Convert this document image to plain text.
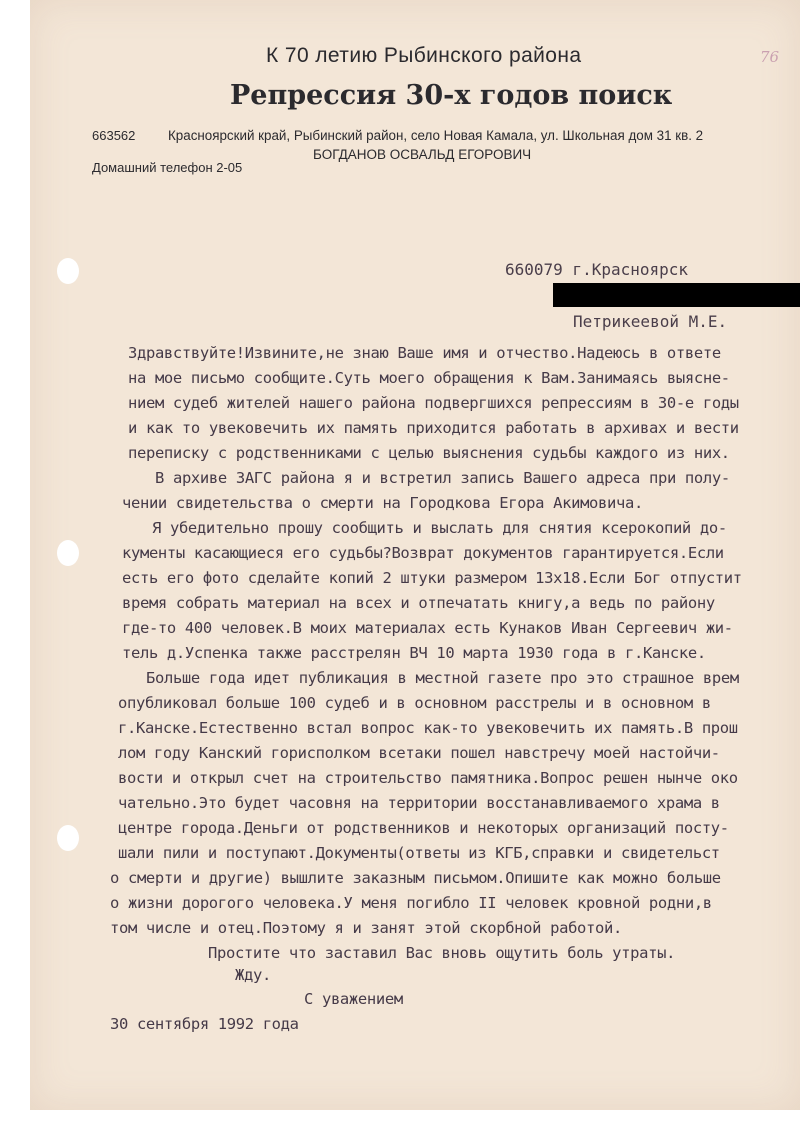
К 70 летию Рыбинского района
Репрессия 30-х годов поиск
76
663562 Красноярский край, Рыбинский район, село Новая Камала, ул. Школьная дом 31 кв. 2
БОГДАНОВ ОСВАЛЬД ЕГОРОВИЧ
Домашний телефон 2-05
660079 г.Красноярск
Петрикеевой М.Е.
Здравствуйте!Извините,не знаю Ваше имя и отчество.Надеюсь в ответе
на мое письмо сообщите.Суть моего обращения к Вам.Занимаясь выясне-
нием судеб жителей нашего района подвергшихся репрессиям в 30-е годы
и как то увековечить их память приходится работать в архивах и вести
переписку с родственниками с целью выяснения судьбы каждого из них.
В архиве ЗАГС района я и встретил запись Вашего адреса при полу-
чении свидетельства о смерти на Городкова Егора Акимовича.
Я убедительно прошу сообщить и выслать для снятия ксерокопий до-
кументы касающиеся его судьбы?Возврат документов гарантируется.Если
есть его фото сделайте копий 2 штуки размером 13х18.Если Бог отпустит
время собрать материал на всех и отпечатать книгу,а ведь по району
где-то 400 человек.В моих материалах есть Кунаков Иван Сергеевич жи-
тель д.Успенка также расстрелян ВЧ 10 марта 1930 года в г.Канске.
Больше года идет публикация в местной газете про это страшное врем
опубликовал больше 100 судеб и в основном расстрелы и в основном в
г.Канске.Естественно встал вопрос как-то увековечить их память.В прош
лом году Канский горисполком всетаки пошел навстречу моей настойчи-
вости и открыл счет на строительство памятника.Вопрос решен нынче око
чательно.Это будет часовня на территории восстанавливаемого храма в
центре города.Деньги от родственников и некоторых организаций посту-
шали пили и поступают.Документы(ответы из КГБ,справки и свидетельст
о смерти и другие) вышлите заказным письмом.Опишите как можно больше
о жизни дорогого человека.У меня погибло II человек кровной родни,в
том числе и отец.Поэтому я и занят этой скорбной работой.
Простите что заставил Вас вновь ощутить боль утраты.
Жду.
С уважением
30 сентября 1992 года
